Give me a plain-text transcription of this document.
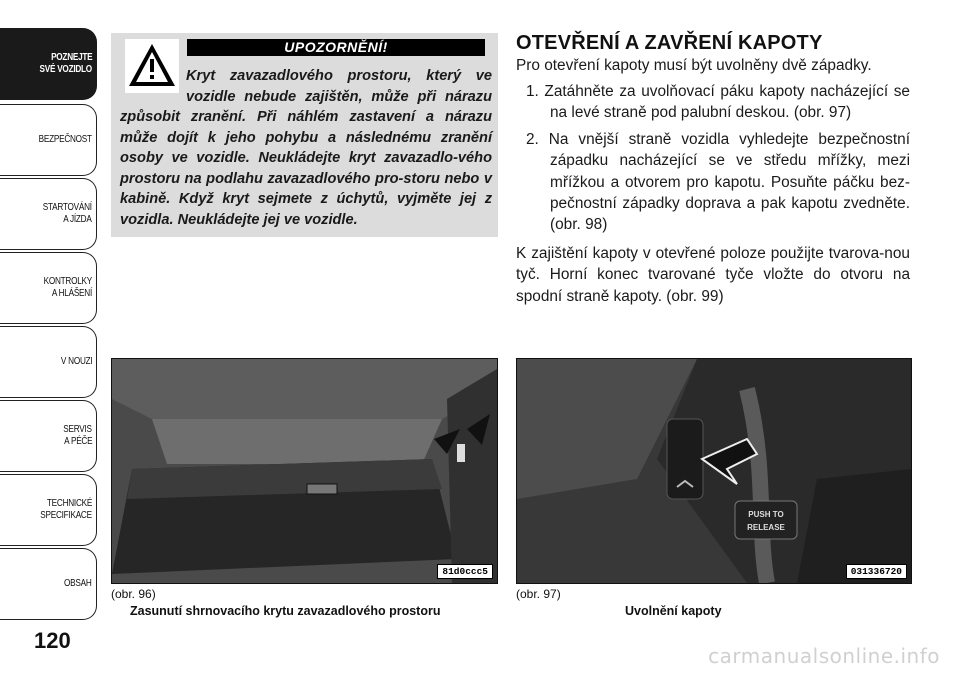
POZNEJTE
SVÉ VOZIDLO
BEZPEČNOST
STARTOVÁNÍ
A JÍZDA
KONTROLKY
A HLÁŠENÍ
V NOUZI
SERVIS
A PÉČE
TECHNICKÉ
SPECIFIKACE
OBSAH
120
UPOZORNĚNÍ!
Kryt zavazadlového prostoru, který ve vozidle nebude zajištěn, může při nárazu způsobit zranění. Při náhlém zastavení a nárazu může dojít k jeho pohybu a následnému zranění osoby ve vozidle. Neukládejte kryt zavazadlo-vého prostoru na podlahu zavazadlového pro-storu nebo v kabině. Když kryt sejmete z úchytů, vyjměte jej z vozidla. Neukládejte jej ve vozidle.
OTEVŘENÍ A ZAVŘENÍ KAPOTY
Pro otevření kapoty musí být uvolněny dvě západky.
1. Zatáhněte za uvolňovací páku kapoty nacházející se na levé straně pod palubní deskou. (obr. 97)
2. Na vnější straně vozidla vyhledejte bezpečnostní západku nacházející se ve středu mřížky, mezi mřížkou a otvorem pro kapotu. Posuňte páčku bez-pečnostní západky doprava a pak kapotu zvedněte. (obr. 98)
K zajištění kapoty v otevřené poloze použijte tvarova-nou tyč. Horní konec tvarované tyče vložte do otvoru na spodní straně kapoty. (obr. 99)
81d0ccc5
(obr. 96)
Zasunutí shrnovacího krytu zavazadlového prostoru
PUSH TO
RELEASE
031336720
(obr. 97)
Uvolnění kapoty
carmanualsonline.info
